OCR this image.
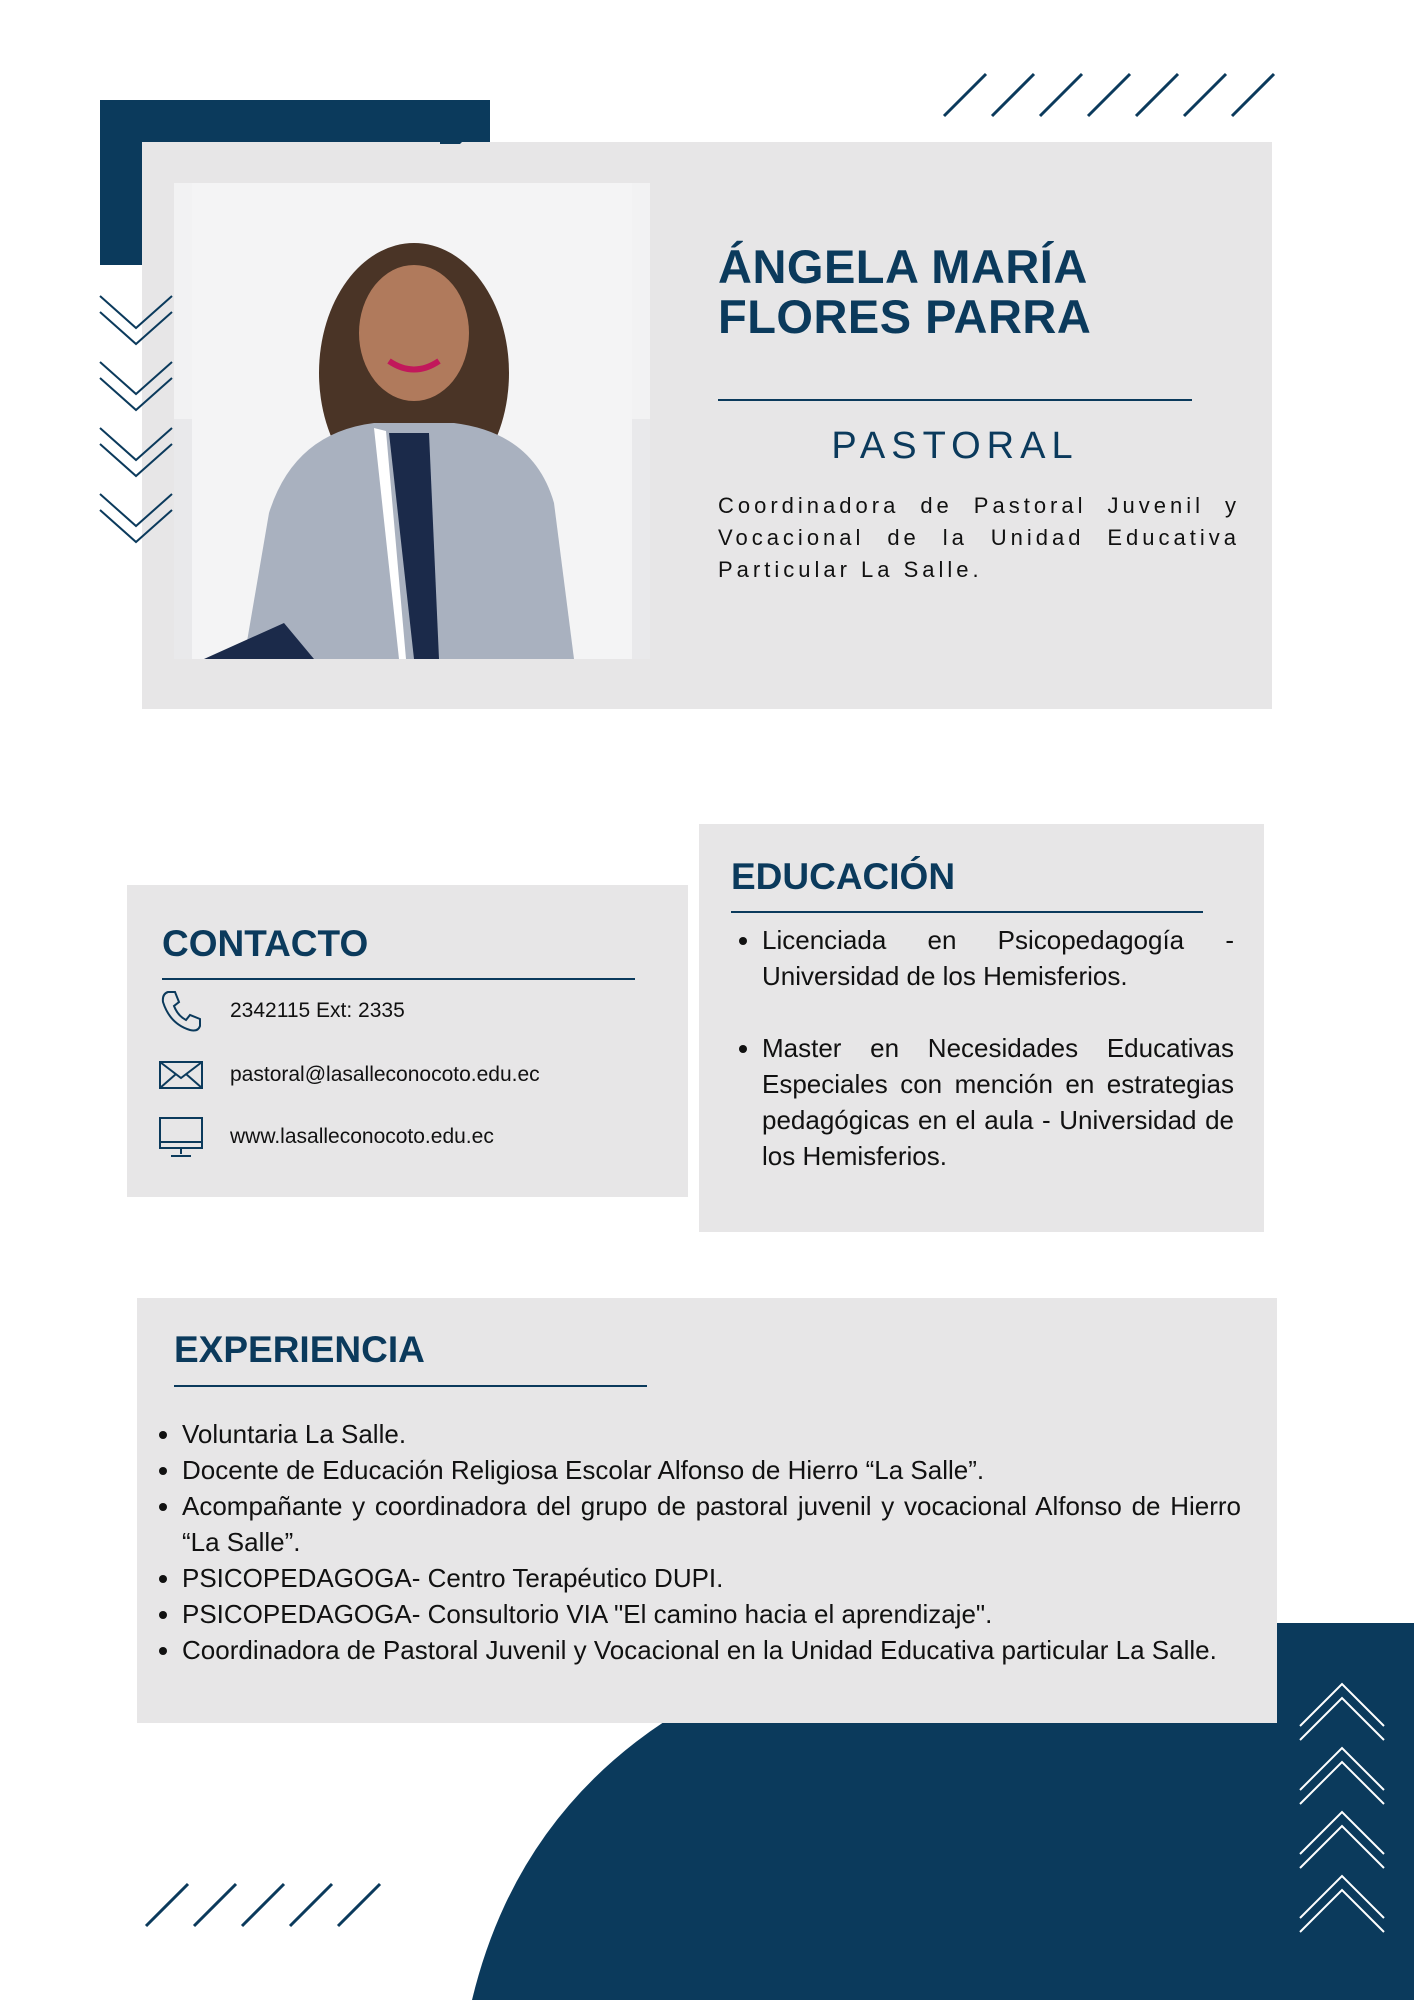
ÁNGELA MARÍA
FLORES PARRA
PASTORAL
Coordinadora de Pastoral Juvenil y Vocacional de la Unidad Educativa Particular La Salle.
CONTACTO
2342115 Ext: 2335
pastoral@lasalleconocoto.edu.ec
www.lasalleconocoto.edu.ec
EDUCACIÓN
• Licenciada en Psicopedagogía - Universidad de los Hemisferios.
• Master en Necesidades Educativas Especiales con mención en estrategias pedagógicas en el aula - Universidad de los Hemisferios.
EXPERIENCIA
• Voluntaria La Salle.
• Docente de Educación Religiosa Escolar Alfonso de Hierro “La Salle”.
• Acompañante y coordinadora del grupo de pastoral juvenil y vocacional Alfonso de Hierro “La Salle”.
• PSICOPEDAGOGA- Centro Terapéutico DUPI.
• PSICOPEDAGOGA- Consultorio VIA "El camino hacia el aprendizaje".
• Coordinadora de Pastoral Juvenil y Vocacional en la Unidad Educativa particular La Salle.
